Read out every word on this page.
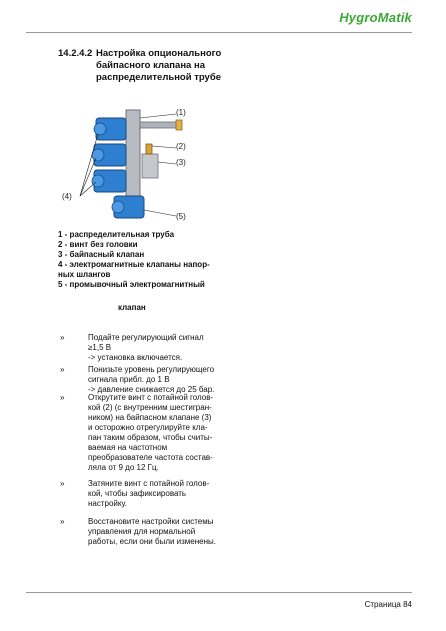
HygroMatik
14.2.4.2 Настройка опционального
байпасного клапана на
распределительной трубе
(1)
(2)
(3)
(4)
(5)
1 - распределительная труба
2 - винт без головки
3 - байпасный клапан
4 - электромагнитные клапаны напор-
ных шлангов
5 - промывочный электромагнитный
клапан
»	Подайте регулирующий сигнал
≥1,5 В
-> установка включается.
»	Понизьте уровень регулирующего
сигнала прибл. до 1 В
-> давление снижается до 25 бар.
»	Открутите винт с потайной голов-
кой (2) (с внутренним шестигран-
ником) на байпасном клапане (3)
и осторожно отрегулируйте кла-
пан таким образом, чтобы считы-
ваемая на частотном
преобразователе частота состав-
ляла от 9 до 12 Гц.
»	Затяните винт с потайной голов-
кой, чтобы зафиксировать
настройку.
»	Восстановите настройки системы
управления для нормальной
работы, если они были изменены.
Страница 84
